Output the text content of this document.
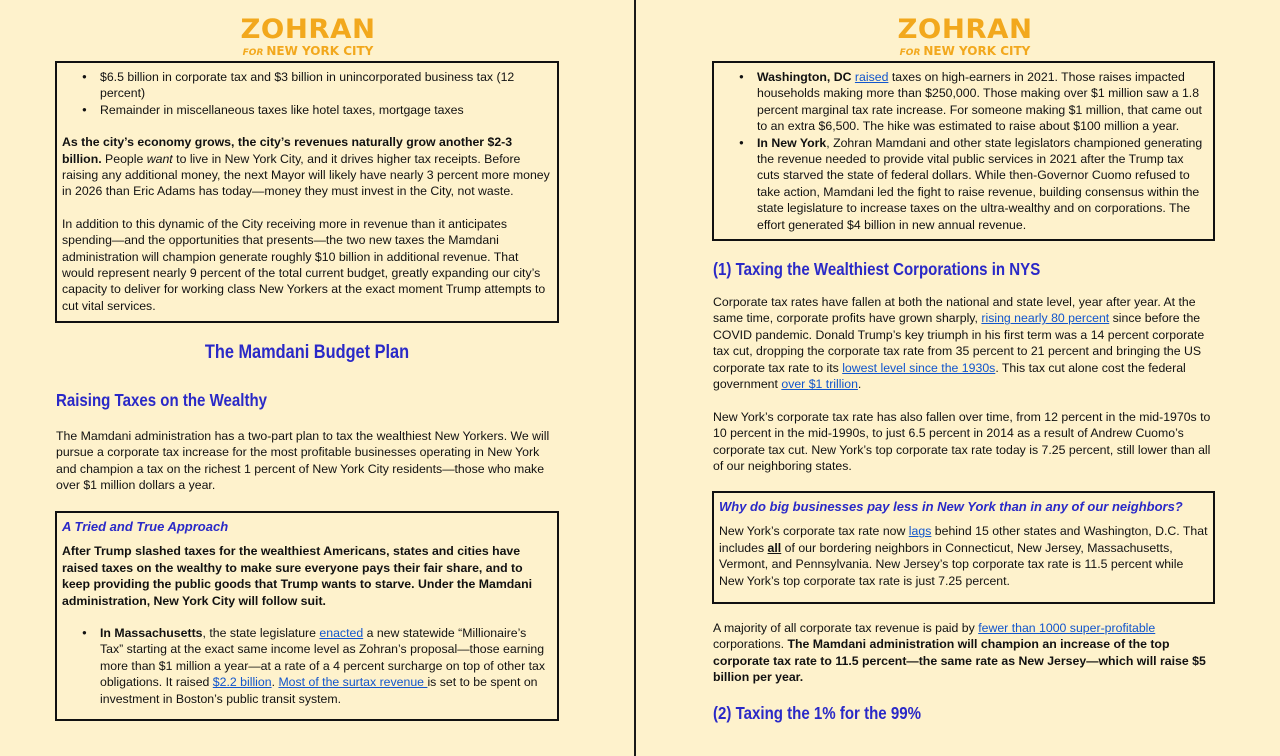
ZOHRAN
FOR NEW YORK CITY
● $6.5 billion in corporate tax and $3 billion in unincorporated business tax (12 percent)
● Remainder in miscellaneous taxes like hotel taxes, mortgage taxes

As the city’s economy grows, the city’s revenues naturally grow another $2-3 billion. People want to live in New York City, and it drives higher tax receipts. Before raising any additional money, the next Mayor will likely have nearly 3 percent more money in 2026 than Eric Adams has today—money they must invest in the City, not waste.

In addition to this dynamic of the City receiving more in revenue than it anticipates spending—and the opportunities that presents—the two new taxes the Mamdani administration will champion generate roughly $10 billion in additional revenue. That would represent nearly 9 percent of the total current budget, greatly expanding our city’s capacity to deliver for working class New Yorkers at the exact moment Trump attempts to cut vital services.

The Mamdani Budget Plan
Raising Taxes on the Wealthy

The Mamdani administration has a two-part plan to tax the wealthiest New Yorkers. We will pursue a corporate tax increase for the most profitable businesses operating in New York and champion a tax on the richest 1 percent of New York City residents—those who make over $1 million dollars a year.

A Tried and True Approach

After Trump slashed taxes for the wealthiest Americans, states and cities have raised taxes on the wealthy to make sure everyone pays their fair share, and to keep providing the public goods that Trump wants to starve. Under the Mamdani administration, New York City will follow suit.

● In Massachusetts, the state legislature enacted a new statewide “Millionaire’s Tax” starting at the exact same income level as Zohran’s proposal—those earning more than $1 million a year—at a rate of a 4 percent surcharge on top of other tax obligations. It raised $2.2 billion. Most of the surtax revenue is set to be spent on investment in Boston’s public transit system.
ZOHRAN
FOR NEW YORK CITY
● Washington, DC raised taxes on high-earners in 2021. Those raises impacted households making more than $250,000. Those making over $1 million saw a 1.8 percent marginal tax rate increase. For someone making $1 million, that came out to an extra $6,500. The hike was estimated to raise about $100 million a year.
● In New York, Zohran Mamdani and other state legislators championed generating the revenue needed to provide vital public services in 2021 after the Trump tax cuts starved the state of federal dollars. While then-Governor Cuomo refused to take action, Mamdani led the fight to raise revenue, building consensus within the state legislature to increase taxes on the ultra-wealthy and on corporations. The effort generated $4 billion in new annual revenue.
(1) Taxing the Wealthiest Corporations in NYS

Corporate tax rates have fallen at both the national and state level, year after year. At the same time, corporate profits have grown sharply, rising nearly 80 percent since before the COVID pandemic. Donald Trump’s key triumph in his first term was a 14 percent corporate tax cut, dropping the corporate tax rate from 35 percent to 21 percent and bringing the US corporate tax rate to its lowest level since the 1930s. This tax cut alone cost the federal government over $1 trillion.

New York’s corporate tax rate has also fallen over time, from 12 percent in the mid-1970s to 10 percent in the mid-1990s, to just 6.5 percent in 2014 as a result of Andrew Cuomo’s corporate tax cut. New York’s top corporate tax rate today is 7.25 percent, still lower than all of our neighboring states.

Why do big businesses pay less in New York than in any of our neighbors?

New York’s corporate tax rate now lags behind 15 other states and Washington, D.C. That includes all of our bordering neighbors in Connecticut, New Jersey, Massachusetts, Vermont, and Pennsylvania. New Jersey’s top corporate tax rate is 11.5 percent while New York’s top corporate tax rate is just 7.25 percent.

A majority of all corporate tax revenue is paid by fewer than 1000 super-profitable corporations. The Mamdani administration will champion an increase of the top corporate tax rate to 11.5 percent—the same rate as New Jersey—which will raise $5 billion per year.

(2) Taxing the 1% for the 99%
